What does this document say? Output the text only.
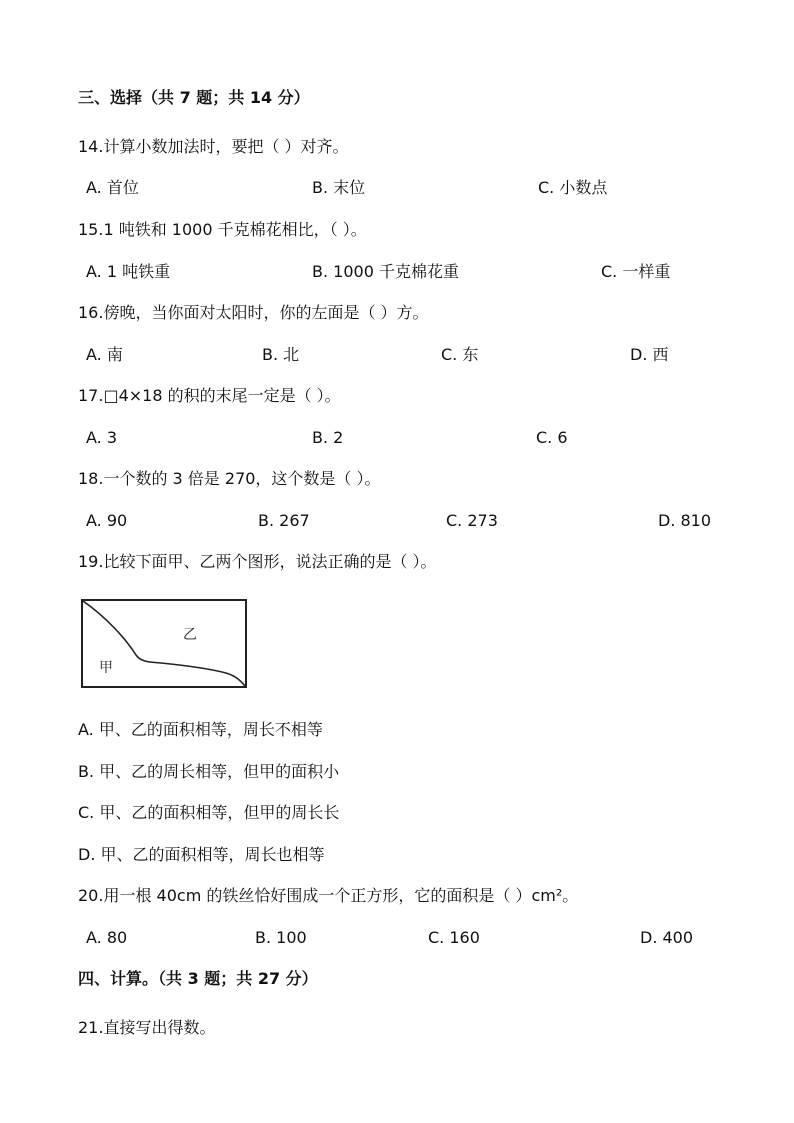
三、选择（共 7 题；共 14 分）
14.计算小数加法时，要把（ ）对齐。
A. 首位	B. 末位	C. 小数点
15.1 吨铁和 1000 千克棉花相比，（ ）。
A. 1 吨铁重	B. 1000 千克棉花重	C. 一样重
16.傍晚，当你面对太阳时，你的左面是（ ）方。
A. 南	B. 北	C. 东	D. 西
17.□4×18 的积的末尾一定是（ ）。
A. 3	B. 2	C. 6
18.一个数的 3 倍是 270，这个数是（ ）。
A. 90	B. 267	C. 273	D. 810
19.比较下面甲、乙两个图形，说法正确的是（ ）。
乙
甲
A. 甲、乙的面积相等，周长不相等
B. 甲、乙的周长相等，但甲的面积小
C. 甲、乙的面积相等，但甲的周长长
D. 甲、乙的面积相等，周长也相等
20.用一根 40cm 的铁丝恰好围成一个正方形，它的面积是（ ）cm²。
A. 80	B. 100	C. 160	D. 400
四、计算。（共 3 题；共 27 分）
21.直接写出得数。
